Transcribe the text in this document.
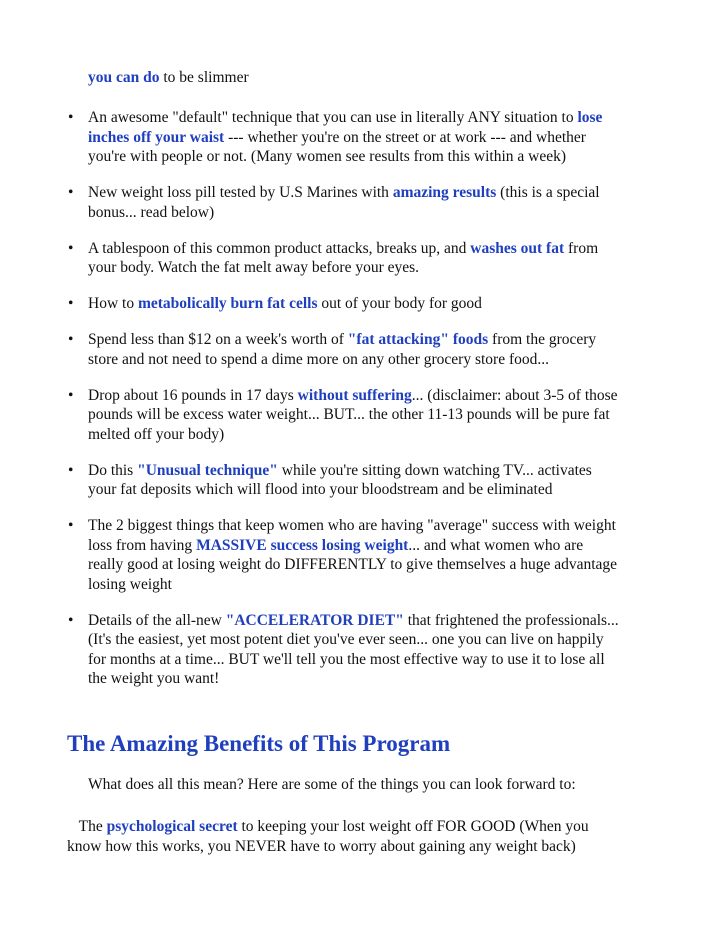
you can do to be slimmer
• An awesome "default" technique that you can use in literally ANY situation to lose
inches off your waist --- whether you're on the street or at work --- and whether
you're with people or not. (Many women see results from this within a week)
• New weight loss pill tested by U.S Marines with amazing results (this is a special
bonus... read below)
• A tablespoon of this common product attacks, breaks up, and washes out fat from
your body. Watch the fat melt away before your eyes.
• How to metabolically burn fat cells out of your body for good
• Spend less than $12 on a week's worth of "fat attacking" foods from the grocery
store and not need to spend a dime more on any other grocery store food...
• Drop about 16 pounds in 17 days without suffering... (disclaimer: about 3-5 of those
pounds will be excess water weight... BUT... the other 11-13 pounds will be pure fat
melted off your body)
• Do this "Unusual technique" while you're sitting down watching TV... activates
your fat deposits which will flood into your bloodstream and be eliminated
• The 2 biggest things that keep women who are having "average" success with weight
loss from having MASSIVE success losing weight... and what women who are
really good at losing weight do DIFFERENTLY to give themselves a huge advantage
losing weight
• Details of the all-new "ACCELERATOR DIET" that frightened the professionals...
(It's the easiest, yet most potent diet you've ever seen... one you can live on happily
for months at a time... BUT we'll tell you the most effective way to use it to lose all
the weight you want!
The Amazing Benefits of This Program
What does all this mean? Here are some of the things you can look forward to:
The psychological secret to keeping your lost weight off FOR GOOD (When you
know how this works, you NEVER have to worry about gaining any weight back)
